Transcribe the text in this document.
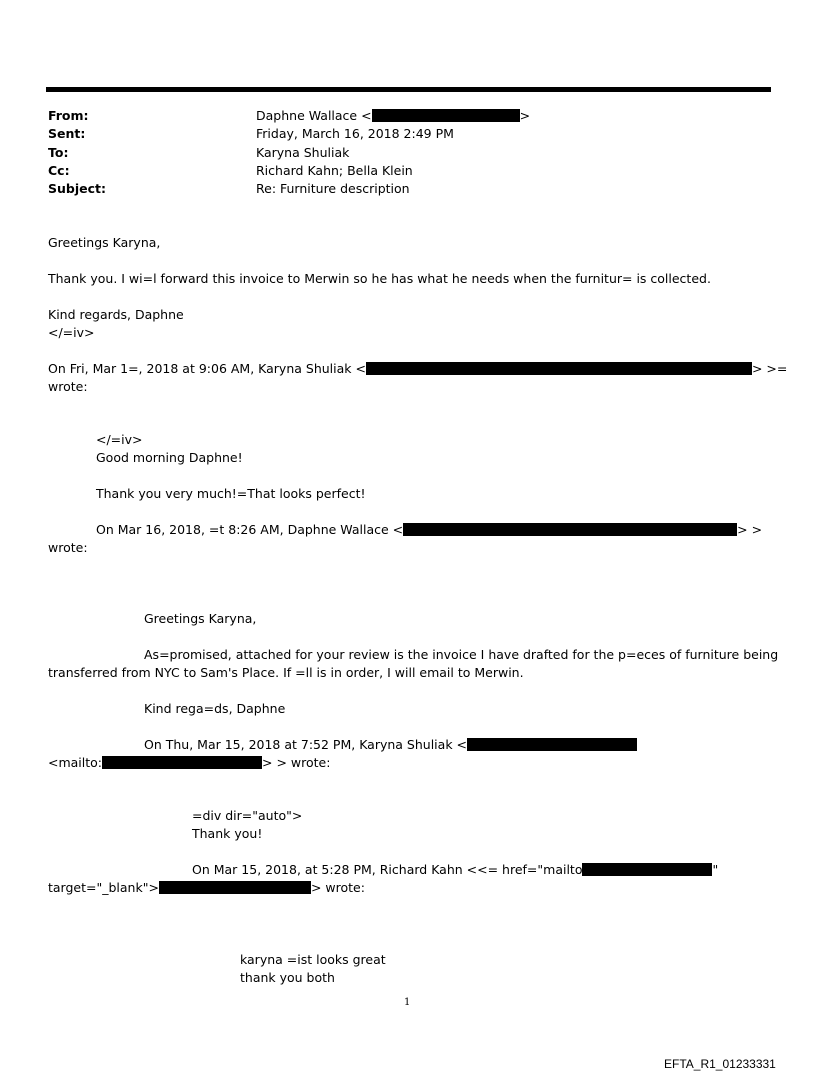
From:	Daphne Wallace <	>
Sent:	Friday, March 16, 2018 2:49 PM
To:	Karyna Shuliak
Cc:	Richard Kahn; Bella Klein
Subject:	Re: Furniture description
Greetings Karyna,
Thank you. I wi=l forward this invoice to Merwin so he has what he needs when the furnitur= is collected.
Kind regards, Daphne
</=iv>
On Fri, Mar 1=, 2018 at 9:06 AM, Karyna Shuliak <	> >=
wrote:
</=iv>
Good morning Daphne!
Thank you very much!=That looks perfect!
On Mar 16, 2018, =t 8:26 AM, Daphne Wallace <	> >
wrote:
Greetings Karyna,
As=promised, attached for your review is the invoice I have drafted for the p=eces of furniture being
transferred from NYC to Sam's Place. If =ll is in order, I will email to Merwin.
Kind rega=ds, Daphne
On Thu, Mar 15, 2018 at 7:52 PM, Karyna Shuliak <
<mailto:	> > wrote:
=div dir="auto">
Thank you!
On Mar 15, 2018, at 5:28 PM, Richard Kahn <<= href="mailto	"
target="_blank">	> wrote:
karyna =ist looks great
thank you both
1
EFTA_R1_01233331
